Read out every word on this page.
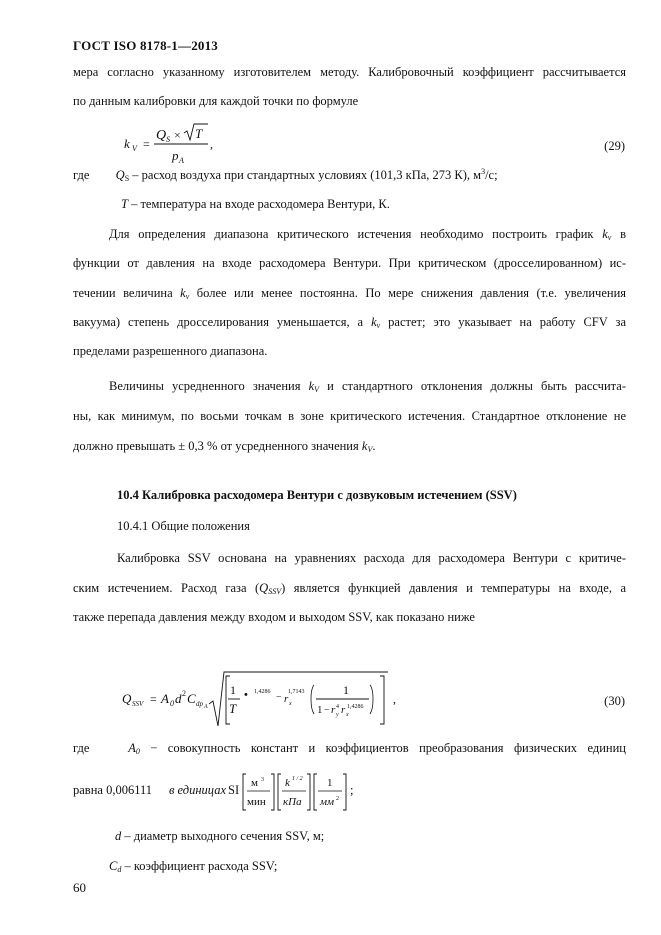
ГОСТ ISO 8178-1—2013
мера согласно указанному изготовителем методу. Калибровочный коэффициент рассчитывается
по данным калибровки для каждой точки по формуле
k V =
Q S × T
p A
,	(29)
где $Q_S$ – расход воздуха при стандартных условиях (101,3 кПа, 273 К), $м^3/с$;
T – температура на входе расходомера Вентури, К.
Для определения диапазона критического истечения необходимо построить график $k_v$ в
функции от давления на входе расходомера Вентури. При критическом (дросселированном) ис-
течении величина $k_v$ более или менее постоянна. По мере снижения давления (т.е. увеличения
вакуума) степень дросселирования уменьшается, а $k_v$ растет; это указывает на работу CFV за
пределами разрешенного диапазона.
Величины усредненного значения $k_V$ и стандартного отклонения должны быть рассчита-
ны, как минимум, по восьми точкам в зоне критического истечения. Стандартное отклонение не
должно превышать ± 0,3 % от усредненного значения $k_V$.
10.4 Калибровка расходомера Вентури с дозвуковым истечением (SSV)
10.4.1 Общие положения
Калибровка SSV основана на уравнениях расхода для расходомера Вентури с критиче-
ским истечением. Расход газа $(Q_{SSV})$ является функцией давления и температуры на входе, а
также перепада давления между входом и выходом SSV, как показано ниже
Q SSV = A 0 d 2 C dp A
1
T
• 1,4286 − r x
1,7143	1
1 − r y
4 r x
1,4286
,	(30)
где	$A_0$ − совокупность констант и коэффициентов преобразования физических единиц
равна 0,006111 в единицах SI м 3
мин
k 1 / 2
кПа
1
мм 2
;
d – диаметр выходного сечения SSV, м;
$C_d$ – коэффициент расхода SSV;
60
